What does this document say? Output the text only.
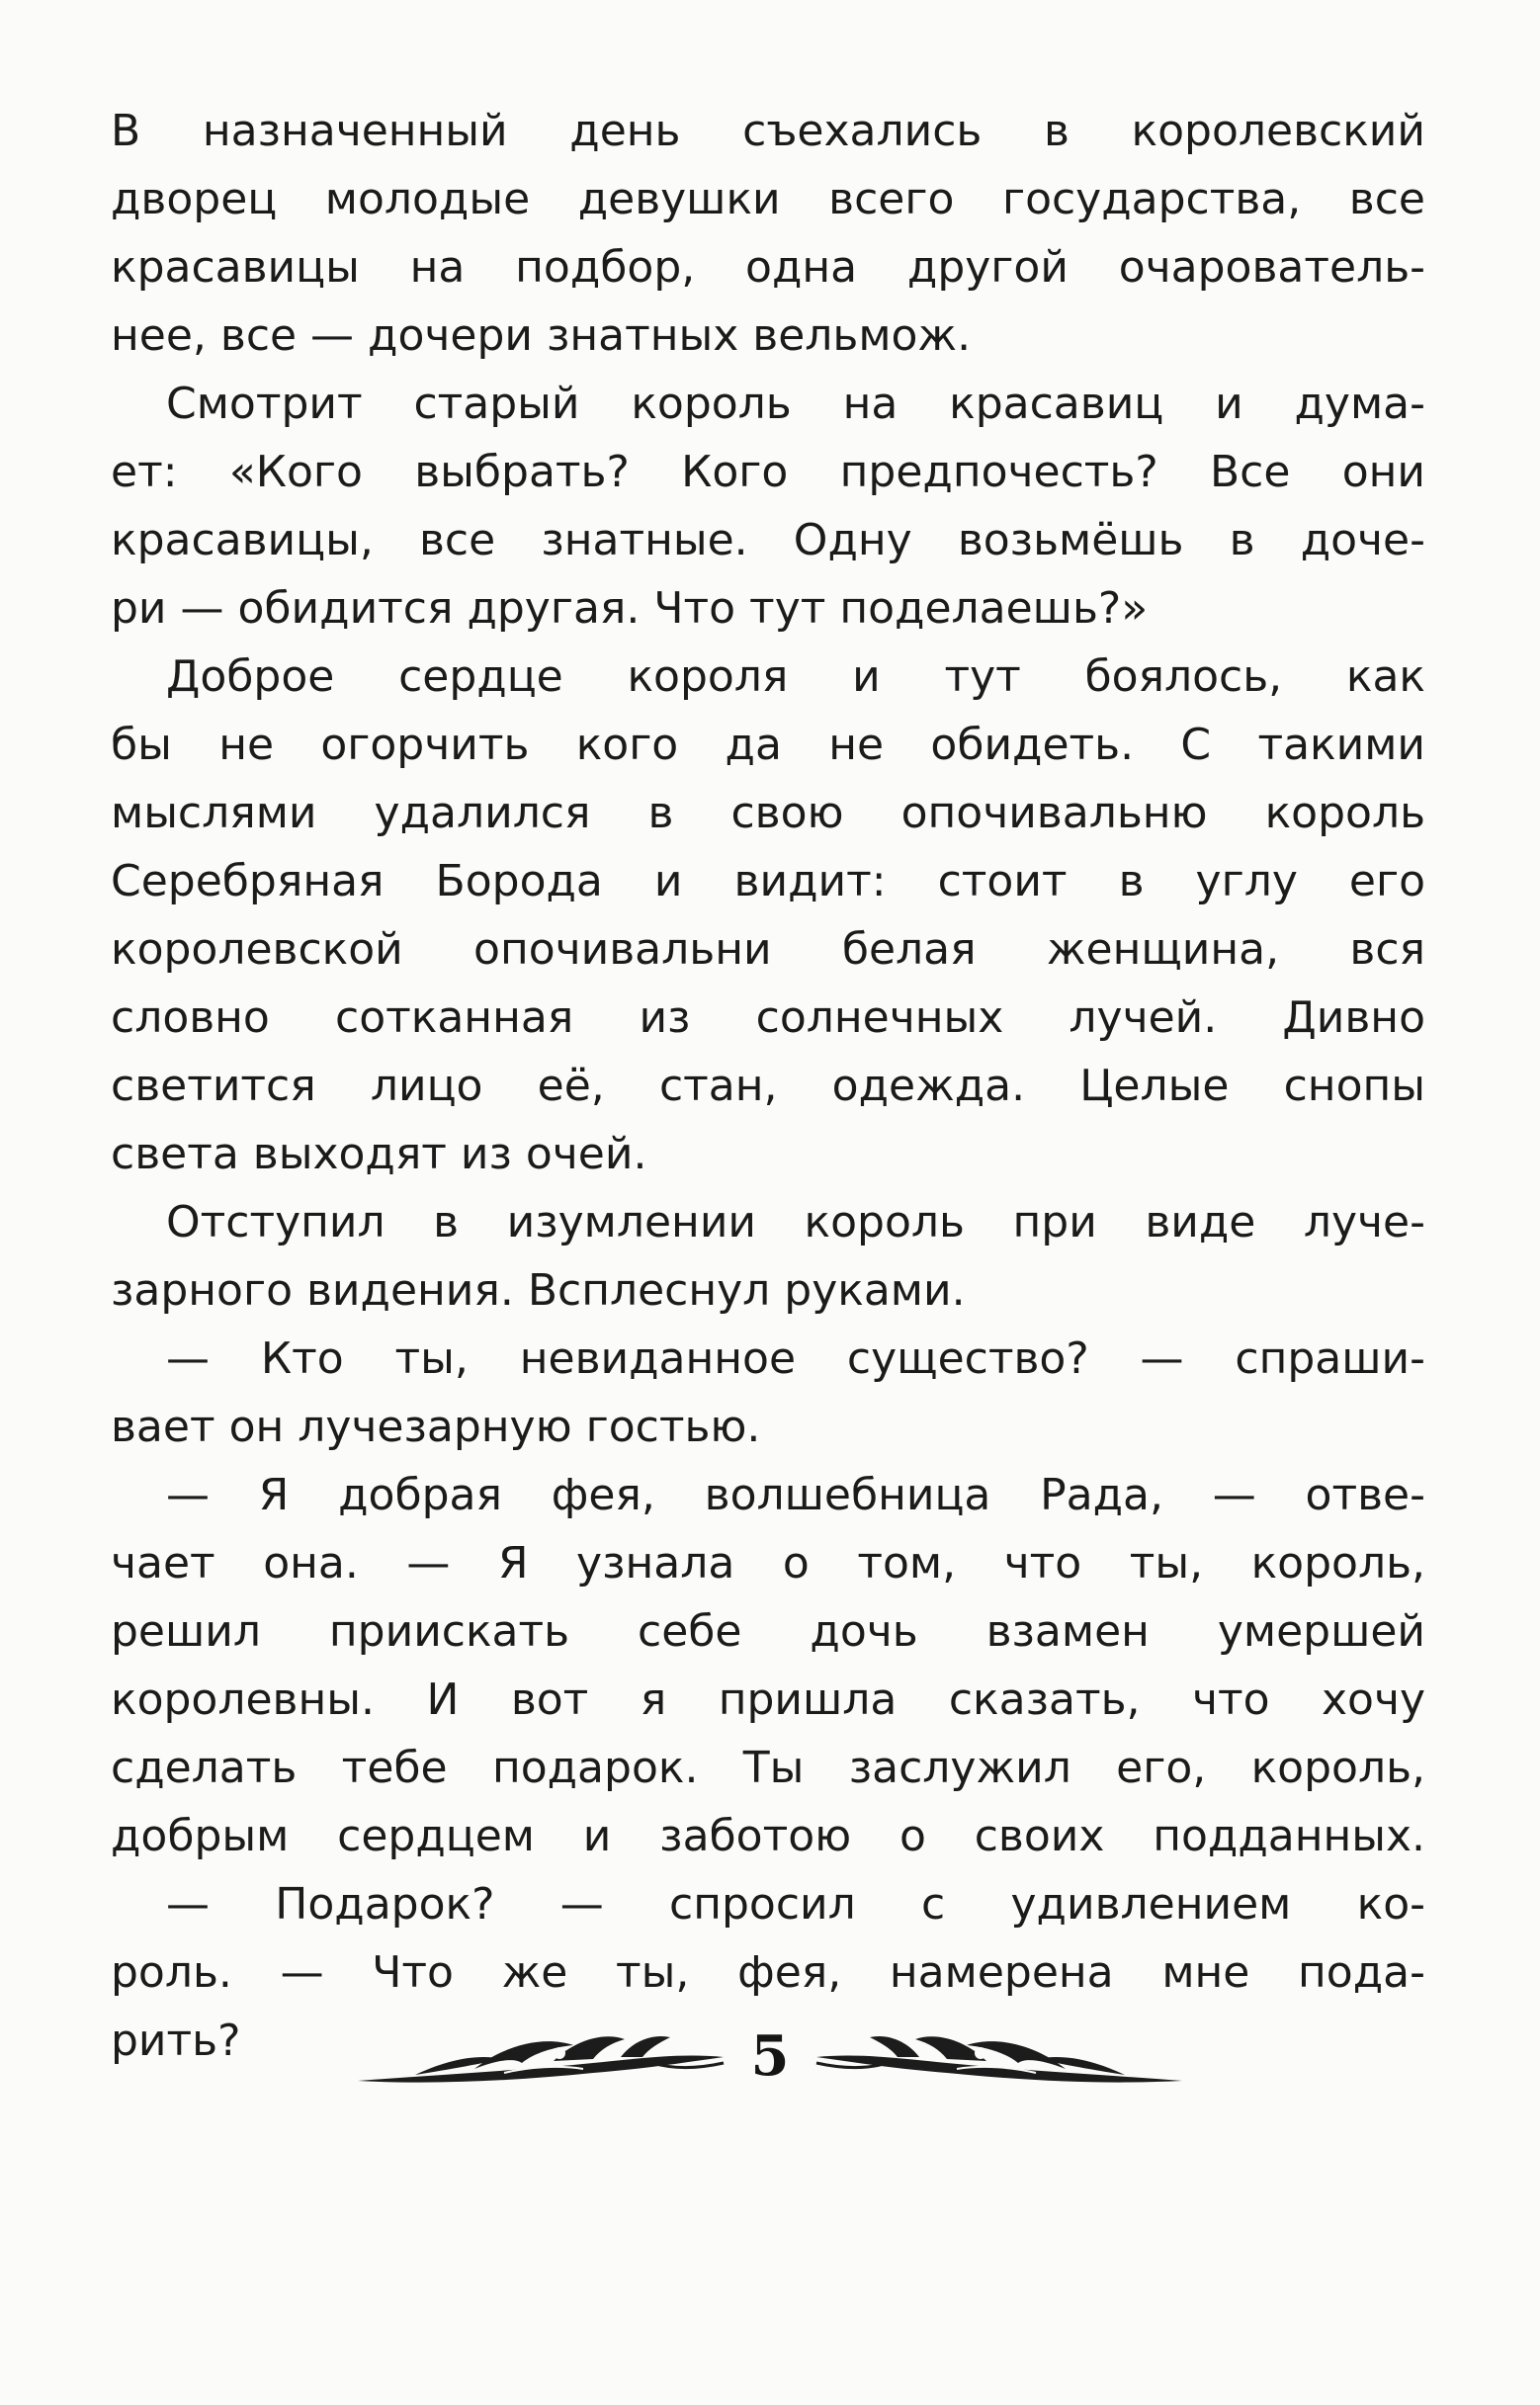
В назначенный день съехались в королевский
дворец молодые девушки всего государства, все
красавицы на подбор, одна другой очарователь-
нее, все — дочери знатных вельмож.
Смотрит старый король на красавиц и дума-
ет: «Кого выбрать? Кого предпочесть? Все они
красавицы, все знатные. Одну возьмёшь в доче-
ри — обидится другая. Что тут поделаешь?»
Доброе сердце короля и тут боялось, как
бы не огорчить кого да не обидеть. С такими
мыслями удалился в свою опочивальню король
Серебряная Борода и видит: стоит в углу его
королевской опочивальни белая женщина, вся
словно сотканная из солнечных лучей. Дивно
светится лицо её, стан, одежда. Целые снопы
света выходят из очей.
Отступил в изумлении король при виде луче-
зарного видения. Всплеснул руками.
— Кто ты, невиданное существо? — спраши-
вает он лучезарную гостью.
— Я добрая фея, волшебница Рада, — отве-
чает она. — Я узнала о том, что ты, король,
решил приискать себе дочь взамен умершей
королевны. И вот я пришла сказать, что хочу
сделать тебе подарок. Ты заслужил его, король,
добрым сердцем и заботою о своих подданных.
— Подарок? — спросил с удивлением ко-
роль. — Что же ты, фея, намерена мне пода-
рить?	5
